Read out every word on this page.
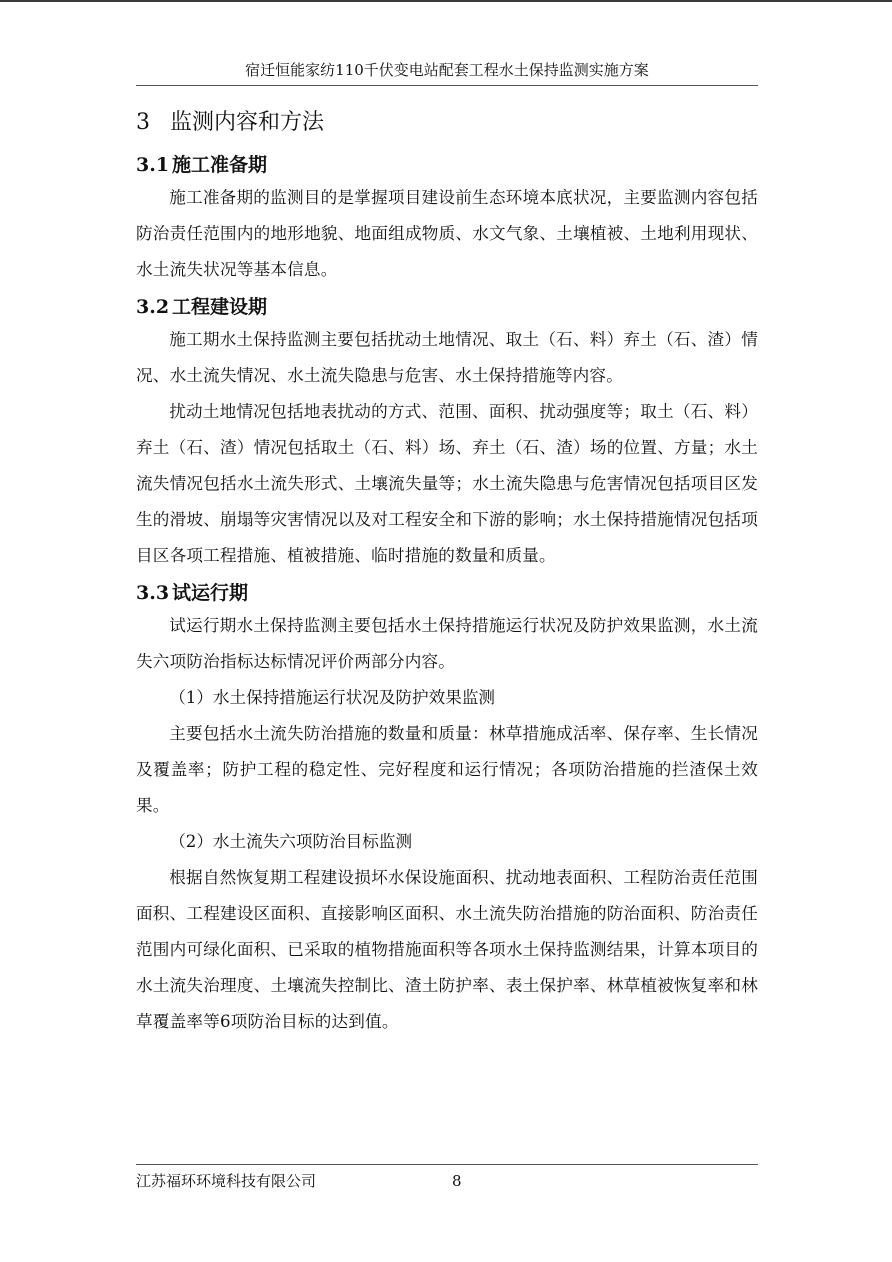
宿迁恒能家纺110千伏变电站配套工程水土保持监测实施方案
3 监测内容和方法
3.1 施工准备期

施工准备期的监测目的是掌握项目建设前生态环境本底状况，主要监测内容包括防治责任范围内的地形地貌、地面组成物质、水文气象、土壤植被、土地利用现状、水土流失状况等基本信息。

3.2 工程建设期

施工期水土保持监测主要包括扰动土地情况、取土（石、料）弃土（石、渣）情况、水土流失情况、水土流失隐患与危害、水土保持措施等内容。

扰动土地情况包括地表扰动的方式、范围、面积、扰动强度等；取土（石、料）弃土（石、渣）情况包括取土（石、料）场、弃土（石、渣）场的位置、方量；水土流失情况包括水土流失形式、土壤流失量等；水土流失隐患与危害情况包括项目区发生的滑坡、崩塌等灾害情况以及对工程安全和下游的影响；水土保持措施情况包括项目区各项工程措施、植被措施、临时措施的数量和质量。

3.3 试运行期

试运行期水土保持监测主要包括水土保持措施运行状况及防护效果监测，水土流失六项防治指标达标情况评价两部分内容。

（1）水土保持措施运行状况及防护效果监测

主要包括水土流失防治措施的数量和质量：林草措施成活率、保存率、生长情况及覆盖率；防护工程的稳定性、完好程度和运行情况；各项防治措施的拦渣保土效果。

（2）水土流失六项防治目标监测

根据自然恢复期工程建设损坏水保设施面积、扰动地表面积、工程防治责任范围面积、工程建设区面积、直接影响区面积、水土流失防治措施的防治面积、防治责任范围内可绿化面积、已采取的植物措施面积等各项水土保持监测结果，计算本项目的水土流失治理度、土壤流失控制比、渣土防护率、表土保护率、林草植被恢复率和林草覆盖率等6项防治目标的达到值。

江苏福环环境科技有限公司	8
